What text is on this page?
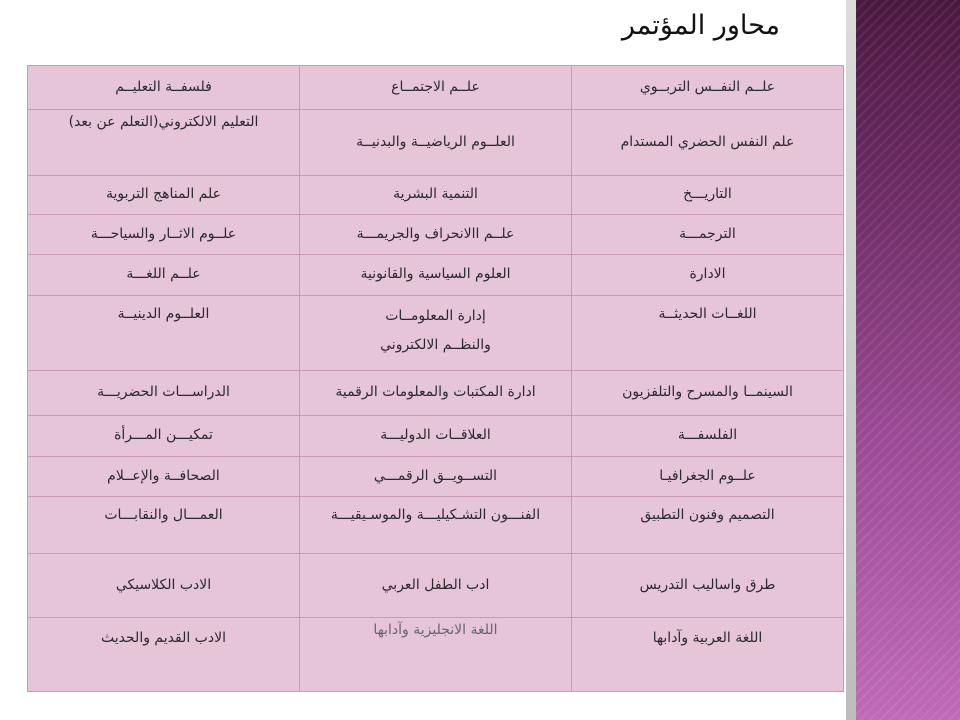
محاور المؤتمر
علــم النفــس التربــوي	علــم الاجتمــاع	فلسفــة التعليــم
علم النفس الحضري المستدام	العلــوم الرياضيــة والبدنيــة	التعليم الالكتروني(التعلم عن بعد)
التاريـــخ	التنمية البشرية	علم المناهج التربوية
الترجمـــة	علــم االانحراف والجريمـــة	علــوم الاثــار والسياحـــة
الادارة	العلوم السياسية والقانونية	علــم اللغـــة
اللغــات الحديثــة	إدارة المعلومــات والنظــم الالكتروني	العلــوم الدينيــة
السينمــا والمسرح والتلفزيون	ادارة المكتبات والمعلومات الرقمية	الدراســـات الحضريـــة
الفلسفـــة	العلاقــات الدوليـــة	تمكيـــن المـــرأة
علــوم الجغرافيـا	التســويــق الرقمـــي	الصحافــة والإعــلام
التصميم وفنون التطبيق	الفنـــون التشـكيليـــة والموسـيقيـــة	العمـــال والنقابـــات
طرق واساليب التدريس	ادب الطفل العربي	الادب الكلاسيكي
اللغة العربية وآدابها	اللغة الانجليزية وآدابها	الادب القديم والحديث
